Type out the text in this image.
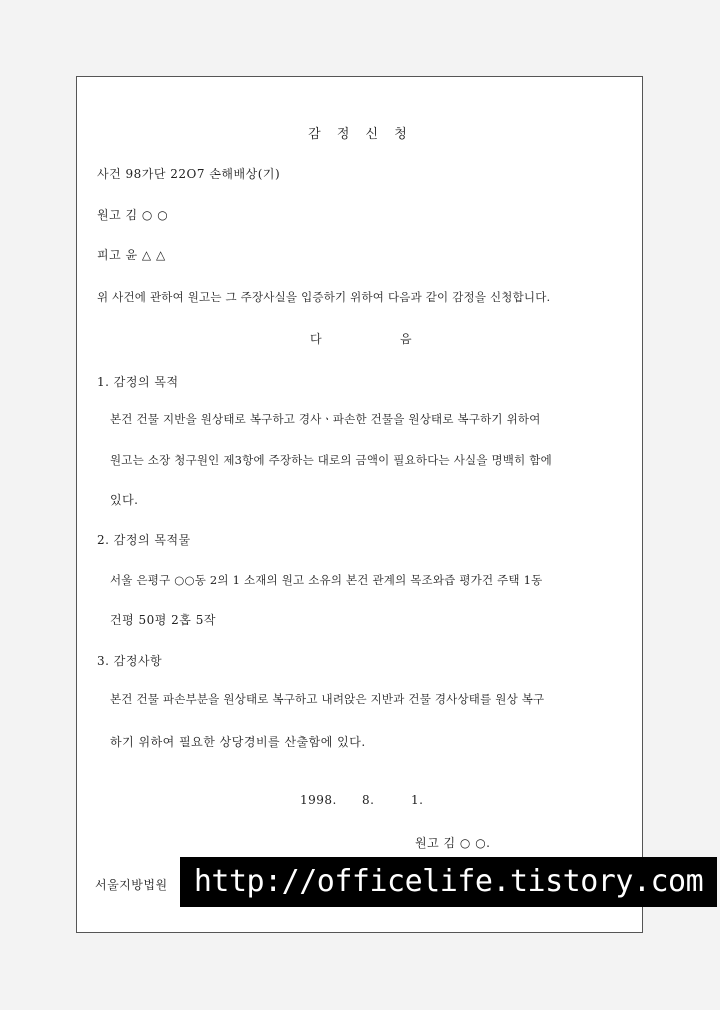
감 정 신 청
사건 98가단 22О7 손해배상(기)
원고 김 ○ ○
피고 윤 △ △
위 사건에 관하여 원고는 그 주장사실을 입증하기 위하여 다음과 같이 감정을 신청합니다.
다	음
1. 감정의 목적
본건 건물 지반을 원상태로 복구하고 경사ㆍ파손한 건물을 원상태로 복구하기 위하여
원고는 소장 청구원인 제3항에 주장하는 대로의 금액이 필요하다는 사실을 명백히 함에
있다.
2. 감정의 목적물
서울 은평구 ○○동 2의 1 소재의 원고 소유의 본건 관계의 목조와즙 평가건 주택 1동
건평 50평 2홉 5작
3. 감정사항
본건 건물 파손부분을 원상태로 복구하고 내려앉은 지반과 건물 경사상태를 원상 복구
하기 위하여 필요한 상당경비를 산출함에 있다.
1998. 8.	1.
원고 김 ○ ○.
서울지방법원 http://officelife.tistory.com
